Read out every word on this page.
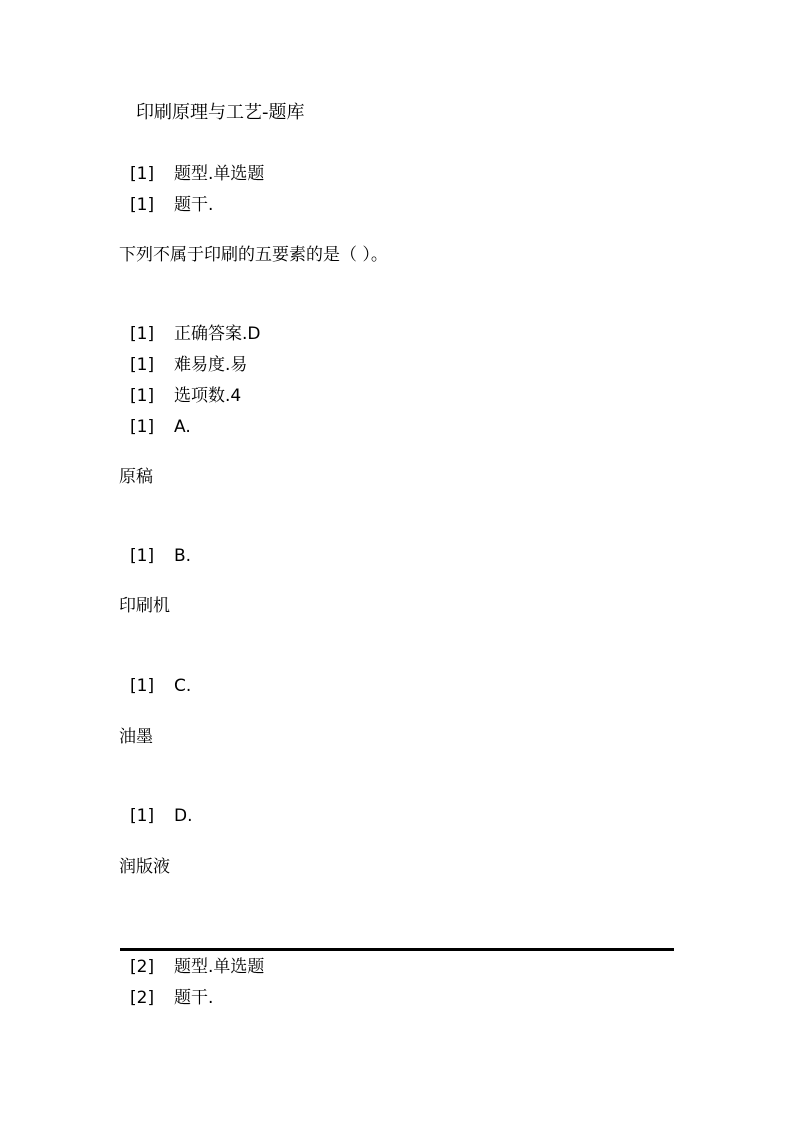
印刷原理与工艺-题库
[1] 题型.单选题
[1] 题干.
下列不属于印刷的五要素的是（ ）。
[1] 正确答案.D
[1] 难易度.易
[1] 选项数.4
[1] A.
原稿
[1] B.
印刷机
[1] C.
油墨
[1] D.
润版液
[2] 题型.单选题
[2] 题干.
